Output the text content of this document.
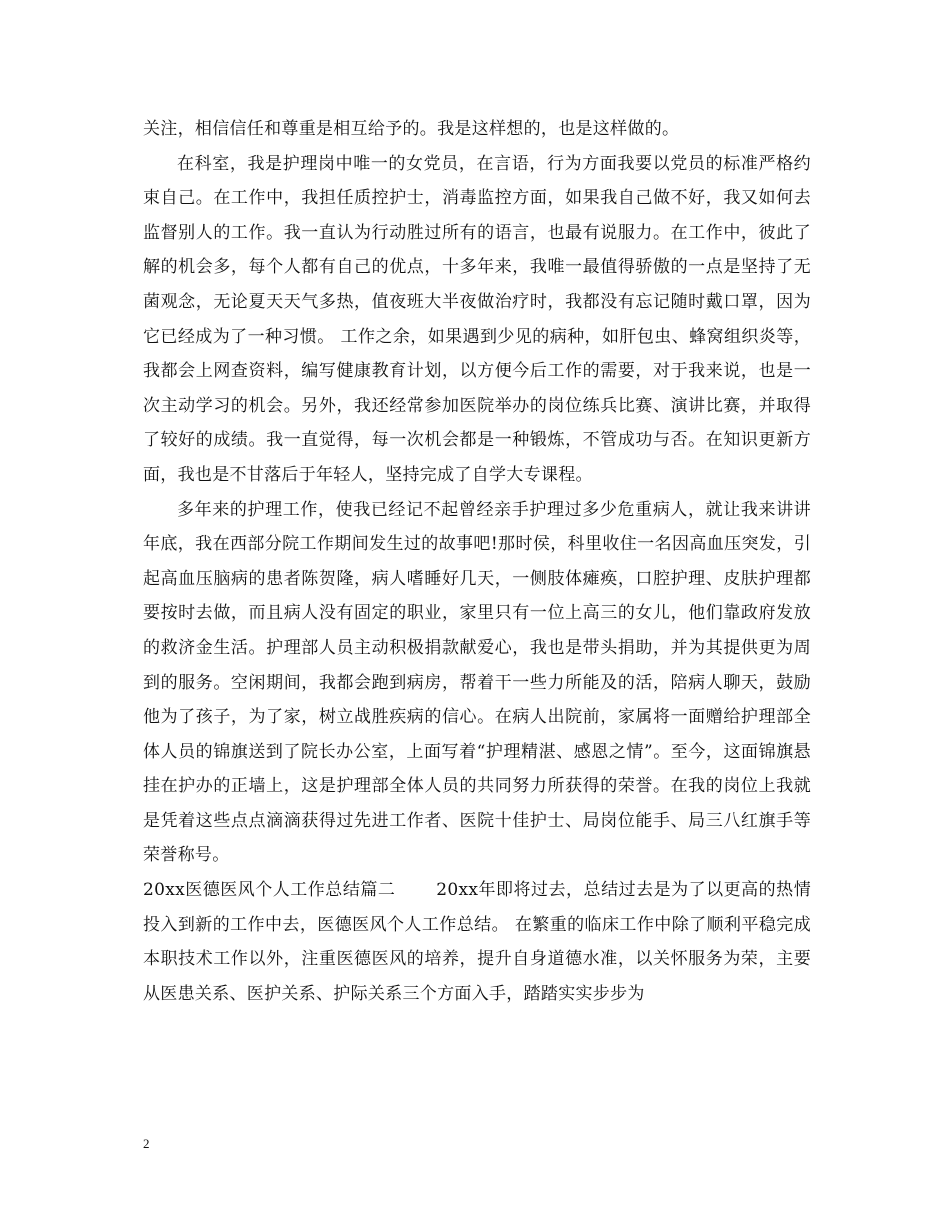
关注，相信信任和尊重是相互给予的。我是这样想的，也是这样做的。

在科室，我是护理岗中唯一的女党员，在言语，行为方面我要以党员的标准严格约束自己。在工作中，我担任质控护士，消毒监控方面，如果我自己做不好，我又如何去监督别人的工作。我一直认为行动胜过所有的语言，也最有说服力。在工作中，彼此了解的机会多，每个人都有自己的优点，十多年来，我唯一最值得骄傲的一点是坚持了无菌观念，无论夏天天气多热，值夜班大半夜做治疗时，我都没有忘记随时戴口罩，因为它已经成为了一种习惯。 工作之余，如果遇到少见的病种，如肝包虫、蜂窝组织炎等，我都会上网查资料，编写健康教育计划，以方便今后工作的需要，对于我来说，也是一次主动学习的机会。另外，我还经常参加医院举办的岗位练兵比赛、演讲比赛，并取得了较好的成绩。我一直觉得，每一次机会都是一种锻炼，不管成功与否。在知识更新方面，我也是不甘落后于年轻人，坚持完成了自学大专课程。

多年来的护理工作，使我已经记不起曾经亲手护理过多少危重病人，就让我来讲讲年底，我在西部分院工作期间发生过的故事吧!那时侯，科里收住一名因高血压突发，引起高血压脑病的患者陈贺隆，病人嗜睡好几天，一侧肢体瘫痪，口腔护理、皮肤护理都要按时去做，而且病人没有固定的职业，家里只有一位上高三的女儿，他们靠政府发放的救济金生活。护理部人员主动积极捐款献爱心，我也是带头捐助，并为其提供更为周到的服务。空闲期间，我都会跑到病房，帮着干一些力所能及的活，陪病人聊天，鼓励他为了孩子，为了家，树立战胜疾病的信心。在病人出院前，家属将一面赠给护理部全体人员的锦旗送到了院长办公室，上面写着“护理精湛、感恩之情”。至今，这面锦旗悬挂在护办的正墙上，这是护理部全体人员的共同努力所获得的荣誉。在我的岗位上我就是凭着这些点点滴滴获得过先进工作者、医院十佳护士、局岗位能手、局三八红旗手等荣誉称号。

20xx医德医风个人工作总结篇二　　 20xx年即将过去，总结过去是为了以更高的热情投入到新的工作中去，医德医风个人工作总结。 在繁重的临床工作中除了顺利平稳完成本职技术工作以外，注重医德医风的培养，提升自身道德水准，以关怀服务为荣，主要从医患关系、医护关系、护际关系三个方面入手，踏踏实实步步为

2
